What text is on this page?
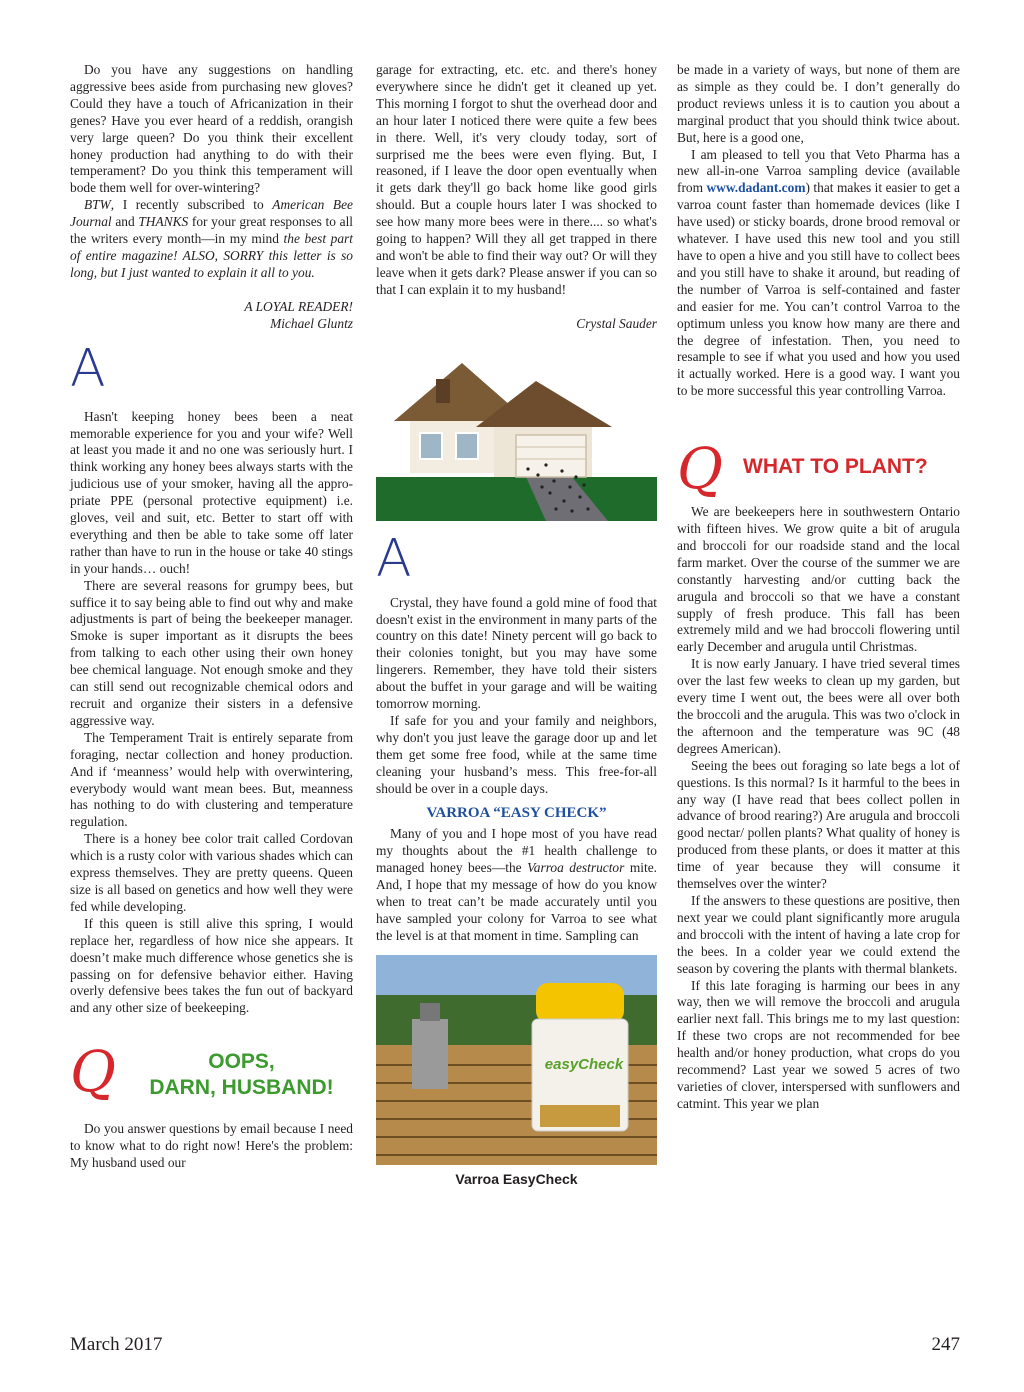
Do you have any suggestions on handling aggressive bees aside from purchasing new gloves? Could they have a touch of Africanization in their genes? Have you ever heard of a reddish, orangish very large queen? Do you think their excellent honey production had anything to do with their temperament? Do you think this temperament will bode them well for over-wintering?

BTW, I recently subscribed to American Bee Journal and THANKS for your great responses to all the writers every month—in my mind the best part of entire magazine! ALSO, SORRY this letter is so long, but I just wanted to explain it all to you.

A LOYAL READER!

Michael Gluntz

A

Hasn't keeping honey bees been a neat memorable experience for you and your wife? Well at least you made it and no one was seriously hurt. I think working any honey bees always starts with the judicious use of your smoker, having all the appropriate PPE (personal protective equipment) i.e. gloves, veil and suit, etc. Better to start off with everything and then be able to take some off later rather than have to run in the house or take 40 stings in your hands… ouch!

There are several reasons for grumpy bees, but suffice it to say being able to find out why and make adjustments is part of being the beekeeper manager. Smoke is super important as it disrupts the bees from talking to each other using their own honey bee chemical language. Not enough smoke and they can still send out recognizable chemical odors and recruit and organize their sisters in a defensive aggressive way.

The Temperament Trait is entirely separate from foraging, nectar collection and honey production. And if ‘meanness’ would help with overwintering, everybody would want mean bees. But, meanness has nothing to do with clustering and temperature regulation.

There is a honey bee color trait called Cordovan which is a rusty color with various shades which can express themselves. They are pretty queens. Queen size is all based on genetics and how well they were fed while developing.

If this queen is still alive this spring, I would replace her, regardless of how nice she appears. It doesn’t make much difference whose genetics she is passing on for defensive behavior either. Having overly defensive bees takes the fun out of backyard and any other size of beekeeping.

Q	OOPS,
DARN, HUSBAND!

Do you answer questions by email because I need to know what to do right now! Here's the problem: My husband used our

garage for extracting, etc. etc. and there's honey everywhere since he didn't get it cleaned up yet. This morning I forgot to shut the overhead door and an hour later I noticed there were quite a few bees in there. Well, it's very cloudy today, sort of surprised me the bees were even flying. But, I reasoned, if I leave the door open eventually when it gets dark they'll go back home like good girls should. But a couple hours later I was shocked to see how many more bees were in there.... so what's going to happen? Will they all get trapped in there and won't be able to find their way out? Or will they leave when it gets dark? Please answer if you can so that I can explain it to my husband!

Crystal Sauder

A

Crystal, they have found a gold mine of food that doesn't exist in the environment in many parts of the country on this date! Ninety percent will go back to their colonies tonight, but you may have some lingerers. Remember, they have told their sisters about the buffet in your garage and will be waiting tomorrow morning.

If safe for you and your family and neighbors, why don't you just leave the garage door up and let them get some free food, while at the same time cleaning your husband’s mess. This free-for-all should be over in a couple days.

VARROA “EASY CHECK”

Many of you and I hope most of you have read my thoughts about the #1 health challenge to managed honey bees—the Varroa destructor mite. And, I hope that my message of how do you know when to treat can’t be made accurately until you have sampled your colony for Varroa to see what the level is at that moment in time. Sampling can

easyCheck
Varroa EasyCheck

be made in a variety of ways, but none of them are as simple as they could be. I don’t generally do product reviews unless it is to caution you about a marginal product that you should think twice about. But, here is a good one,

I am pleased to tell you that Veto Pharma has a new all-in-one Varroa sampling device (available from www.dadant.com) that makes it easier to get a varroa count faster than homemade devices (like I have used) or sticky boards, drone brood removal or whatever. I have used this new tool and you still have to open a hive and you still have to collect bees and you still have to shake it around, but reading of the number of Varroa is self-contained and faster and easier for me. You can’t control Varroa to the optimum unless you know how many are there and the degree of infestation. Then, you need to resample to see if what you used and how you used it actually worked. Here is a good way. I want you to be more successful this year controlling Varroa.

Q WHAT TO PLANT?

We are beekeepers here in southwestern Ontario with fifteen hives. We grow quite a bit of arugula and broccoli for our roadside stand and the local farm market. Over the course of the summer we are constantly harvesting and/or cutting back the arugula and broccoli so that we have a constant supply of fresh produce. This fall has been extremely mild and we had broccoli flowering until early December and arugula until Christmas.

It is now early January. I have tried several times over the last few weeks to clean up my garden, but every time I went out, the bees were all over both the broccoli and the arugula. This was two o'clock in the afternoon and the temperature was 9C (48 degrees American).

Seeing the bees out foraging so late begs a lot of questions. Is this normal? Is it harmful to the bees in any way (I have read that bees collect pollen in advance of brood rearing?) Are arugula and broccoli good nectar/ pollen plants? What quality of honey is produced from these plants, or does it matter at this time of year because they will consume it themselves over the winter?

If the answers to these questions are positive, then next year we could plant significantly more arugula and broccoli with the intent of having a late crop for the bees. In a colder year we could extend the season by covering the plants with thermal blankets.

If this late foraging is harming our bees in any way, then we will remove the broccoli and arugula earlier next fall. This brings me to my last question: If these two crops are not recommended for bee health and/or honey production, what crops do you recommend? Last year we sowed 5 acres of two varieties of clover, interspersed with sunflowers and catmint. This year we plan

March 2017	247
